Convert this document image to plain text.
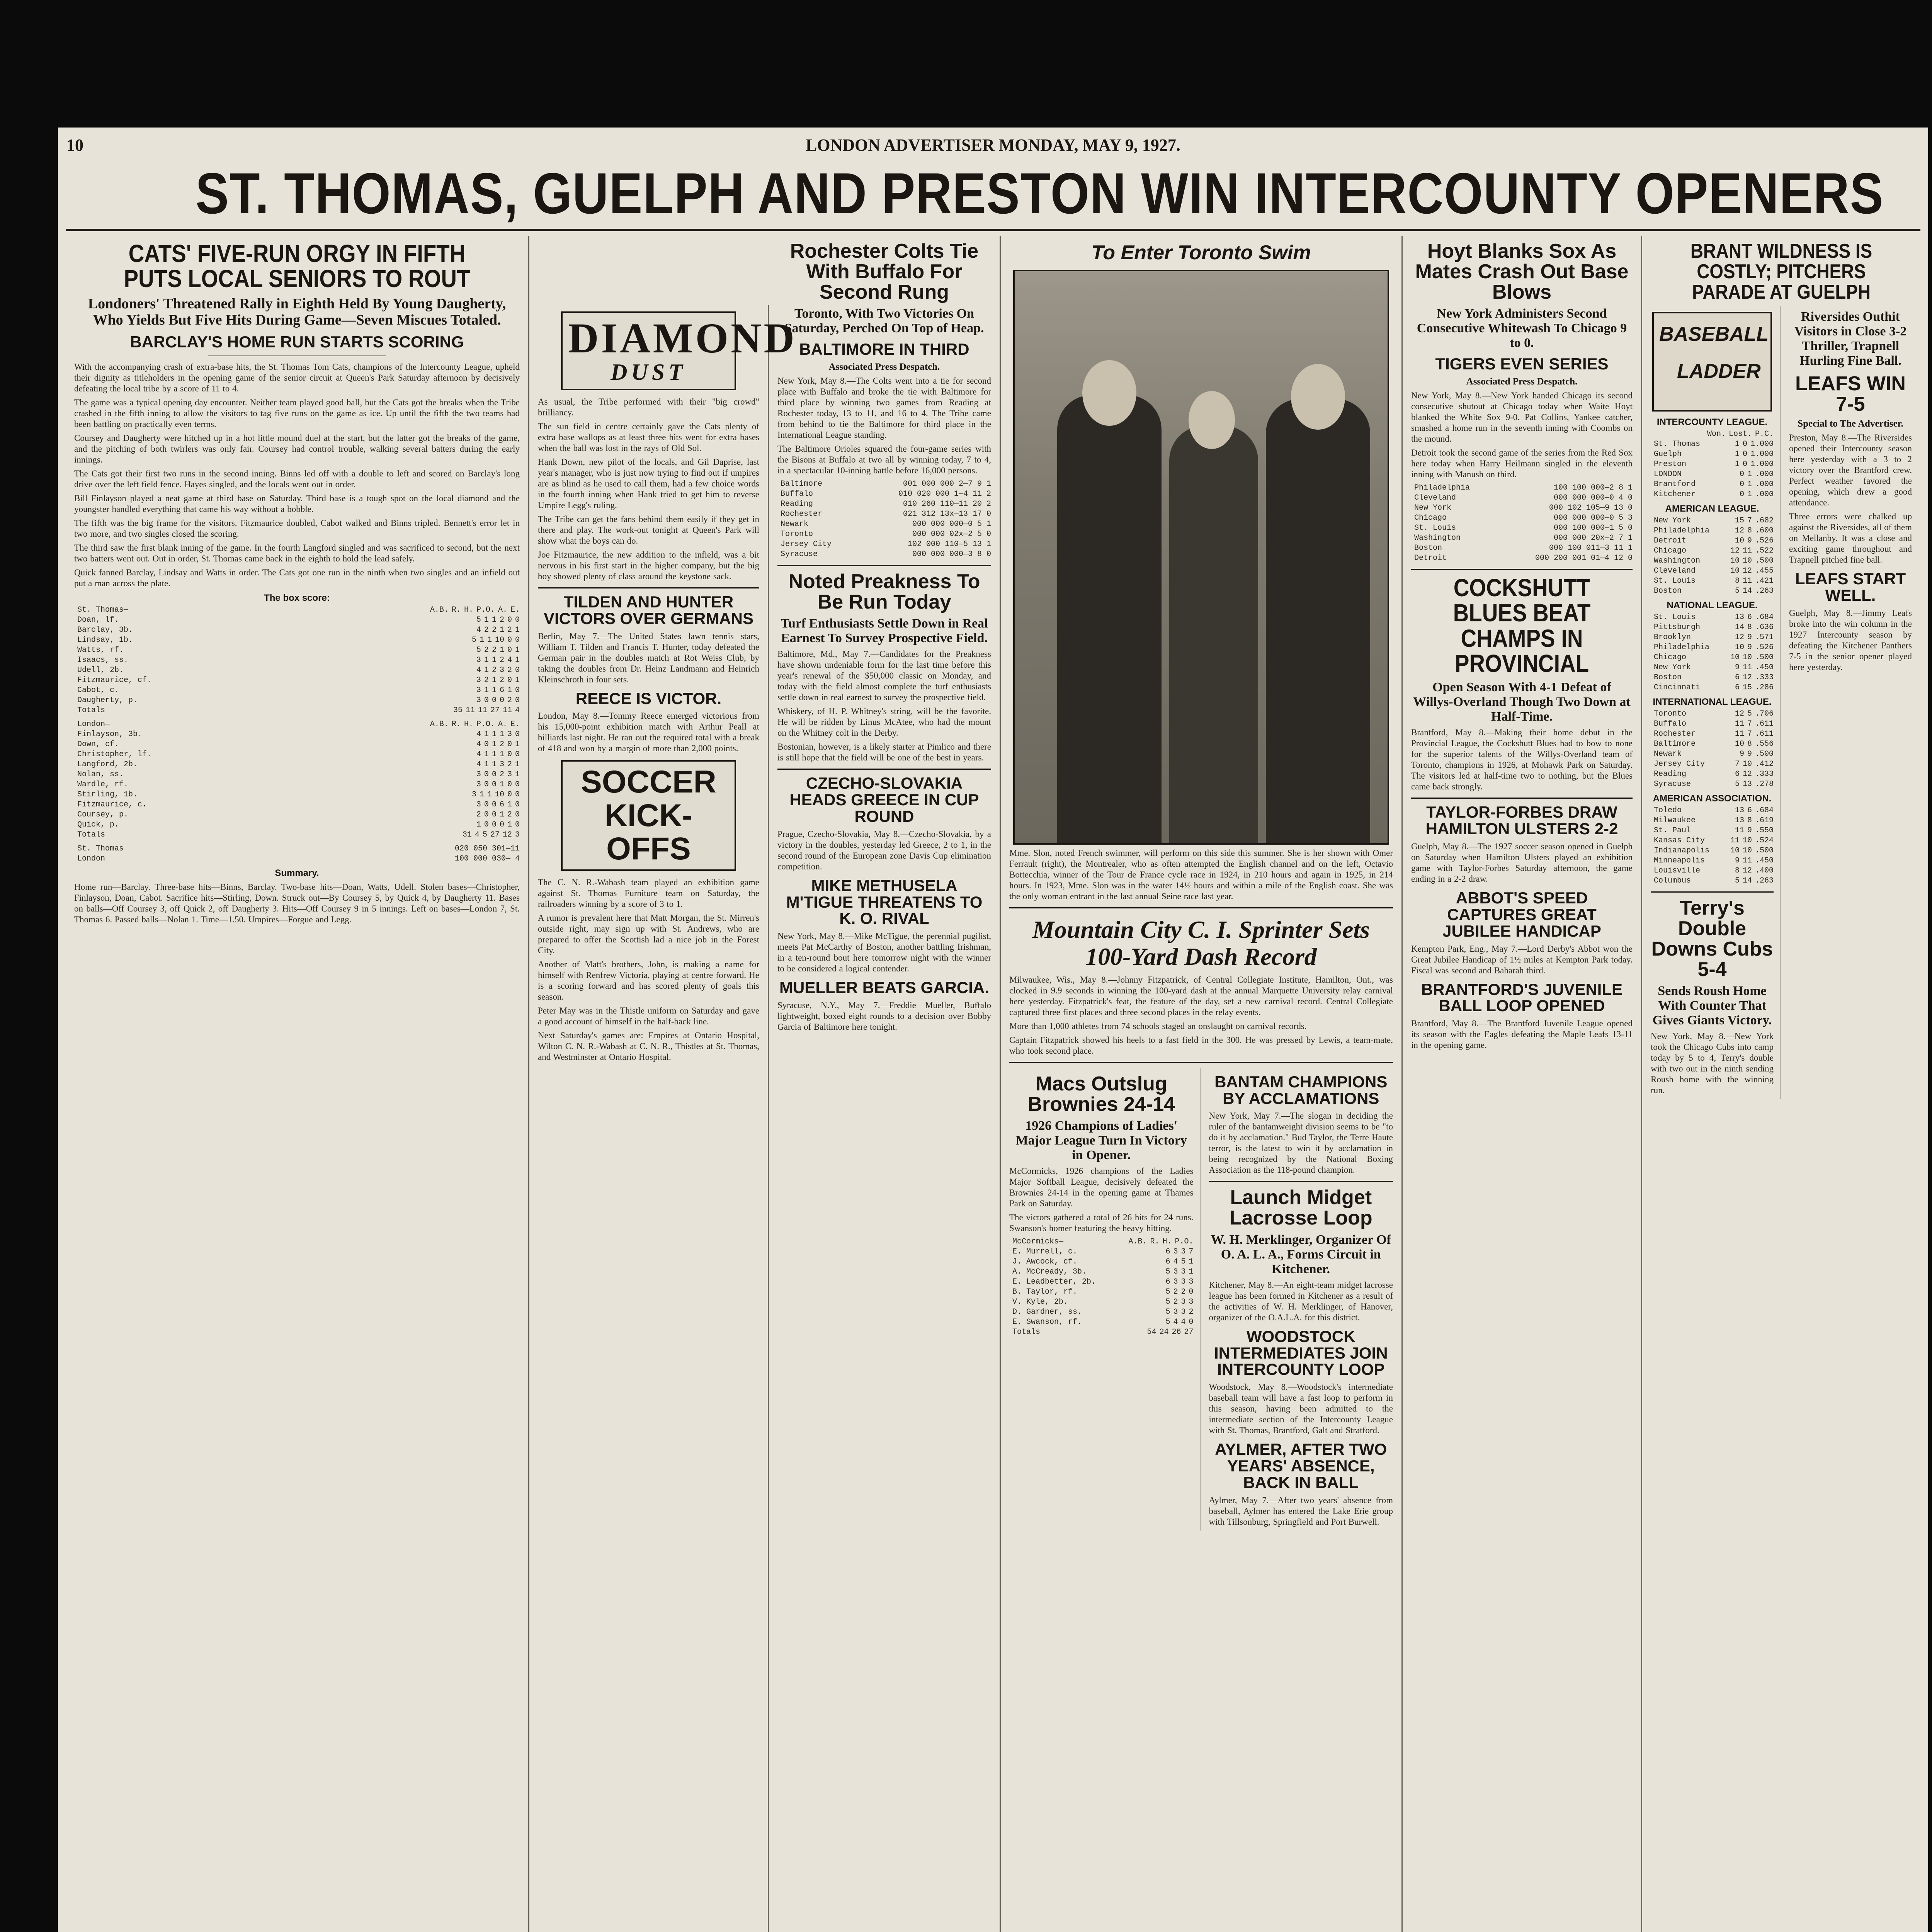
10	LONDON ADVERTISER MONDAY, MAY 9, 1927.
ST. THOMAS, GUELPH AND PRESTON WIN INTERCOUNTY OPENERS
CATS' FIVE-RUN ORGY IN FIFTH PUTS LOCAL SENIORS TO ROUT
Londoners' Threatened Rally in Eighth Held By Young Daugherty, Who Yields But Five Hits During Game—Seven Miscues Totaled.
BARCLAY'S HOME RUN STARTS SCORING

With the accompanying crash of extra-base hits, the St. Thomas Tom Cats, champions of the Intercounty League, upheld their dignity as titleholders in the opening game of the senior circuit at Queen's Park Saturday afternoon by decisively defeating the local tribe by a score of 11 to 4.

The game was a typical opening day encounter. Neither team played good ball, but the Cats got the breaks when the Tribe crashed in the fifth inning to allow the visitors to tag five runs on the game as ice. Up until the fifth the two teams had been battling on practically even terms.

Coursey and Daugherty were hitched up in a hot little mound duel at the start, but the latter got the breaks of the game, and the pitching of both twirlers was only fair. Coursey had control trouble, walking several batters during the early innings.

The Cats got their first two runs in the second inning. Binns led off with a double to left and scored on Barclay's long drive over the left field fence. Hayes singled, and the locals went out in order.

Bill Finlayson played a neat game at third base on Saturday. Third base is a tough spot on the local diamond and the youngster handled everything that came his way without a bobble.

The fifth was the big frame for the visitors. Fitzmaurice doubled, Cabot walked and Binns tripled. Bennett's error let in two more, and two singles closed the scoring.

The third saw the first blank inning of the game. In the fourth Langford singled and was sacrificed to second, but the next two batters went out. Out in order, St. Thomas came back in the eighth to hold the lead safely.

Quick fanned Barclay, Lindsay and Watts in order. The Cats got one run in the ninth when two singles and an infield out put a man across the plate.

The box score:
St. Thomas—	A.B. R. H. P.O. A. E.
Doan, lf.	5 1 1 2 0 0
Barclay, 3b.	4 2 2 1 2 1
Lindsay, 1b.	5 1 1 10 0 0
Watts, rf.	5 2 2 1 0 1
Isaacs, ss.	3 1 1 2 4 1
Udell, 2b.	4 1 2 3 2 0
Fitzmaurice, cf.	3 2 1 2 0 1
Cabot, c.	3 1 1 6 1 0
Daugherty, p.	3 0 0 0 2 0
Totals	35 11 11 27 11 4
London—	A.B. R. H. P.O. A. E.
Finlayson, 3b.	4 1 1 1 3 0
Down, cf.	4 0 1 2 0 1
Christopher, lf.	4 1 1 1 0 0
Langford, 2b.	4 1 1 3 2 1
Nolan, ss.	3 0 0 2 3 1
Wardle, rf.	3 0 0 1 0 0
Stirling, 1b.	3 1 1 10 0 0
Fitzmaurice, c.	3 0 0 6 1 0
Coursey, p.	2 0 0 1 2 0
Quick, p.	1 0 0 0 1 0
Totals	31 4 5 27 12 3
St. Thomas	020 050 301—11
London	100 000 030— 4
Summary.

Home run—Barclay. Three-base hits—Binns, Barclay. Two-base hits—Doan, Watts, Udell. Stolen bases—Christopher, Finlayson, Doan, Cabot. Sacrifice hits—Stirling, Down. Struck out—By Coursey 5, by Quick 4, by Daugherty 11. Bases on balls—Off Coursey 3, off Quick 2, off Daugherty 3. Hits—Off Coursey 9 in 5 innings. Left on bases—London 7, St. Thomas 6. Passed balls—Nolan 1. Time—1.50. Umpires—Forgue and Legg.

DIAMOND
DUST

As usual, the Tribe performed with their "big crowd" brilliancy.

The sun field in centre certainly gave the Cats plenty of extra base wallops as at least three hits went for extra bases when the ball was lost in the rays of Old Sol.

Hank Down, new pilot of the locals, and Gil Daprise, last year's manager, who is just now trying to find out if umpires are as blind as he used to call them, had a few choice words in the fourth inning when Hank tried to get him to reverse Umpire Legg's ruling.

The Tribe can get the fans behind them easily if they get in there and play. The work-out tonight at Queen's Park will show what the boys can do.

Joe Fitzmaurice, the new addition to the infield, was a bit nervous in his first start in the higher company, but the big boy showed plenty of class around the keystone sack.

TILDEN AND HUNTER VICTORS OVER GERMANS

Berlin, May 7.—The United States lawn tennis stars, William T. Tilden and Francis T. Hunter, today defeated the German pair in the doubles match at Rot Weiss Club, by taking the doubles from Dr. Heinz Landmann and Heinrich Kleinschroth in four sets.

REECE IS VICTOR.

London, May 8.—Tommy Reece emerged victorious from his 15,000-point exhibition match with Arthur Peall at billiards last night. He ran out the required total with a break of 418 and won by a margin of more than 2,000 points.

SOCCER KICK-OFFS

The C. N. R.-Wabash team played an exhibition game against St. Thomas Furniture team on Saturday, the railroaders winning by a score of 3 to 1.

A rumor is prevalent here that Matt Morgan, the St. Mirren's outside right, may sign up with St. Andrews, who are prepared to offer the Scottish lad a nice job in the Forest City.

Another of Matt's brothers, John, is making a name for himself with Renfrew Victoria, playing at centre forward. He is a scoring forward and has scored plenty of goals this season.

Peter May was in the Thistle uniform on Saturday and gave a good account of himself in the half-back line.

Next Saturday's games are: Empires at Ontario Hospital, Wilton C. N. R.-Wabash at C. N. R., Thistles at St. Thomas, and Westminster at Ontario Hospital.

Rochester Colts Tie With Buffalo For Second Rung
Toronto, With Two Victories On Saturday, Perched On Top of Heap.
BALTIMORE IN THIRD
Associated Press Despatch.

New York, May 8.—The Colts went into a tie for second place with Buffalo and broke the tie with Baltimore for third place by winning two games from Reading at Rochester today, 13 to 11, and 16 to 4. The Tribe came from behind to tie the Baltimore for third place in the International League standing.

The Baltimore Orioles squared the four-game series with the Bisons at Buffalo at two all by winning today, 7 to 4, in a spectacular 10-inning battle before 16,000 persons.

Baltimore	001 000 000 2—7 9 1
Buffalo	010 020 000 1—4 11 2
Reading	010 260 110—11 20 2
Rochester	021 312 13x—13 17 0
Newark	000 000 000—0 5 1
Toronto	000 000 02x—2 5 0
Jersey City	102 000 110—5 13 1
Syracuse	000 000 000—3 8 0
Noted Preakness To Be Run Today
Turf Enthusiasts Settle Down in Real Earnest To Survey Prospective Field.

Baltimore, Md., May 7.—Candidates for the Preakness have shown undeniable form for the last time before this year's renewal of the $50,000 classic on Monday, and today with the field almost complete the turf enthusiasts settle down in real earnest to survey the prospective field.

Whiskery, of H. P. Whitney's string, will be the favorite. He will be ridden by Linus McAtee, who had the mount on the Whitney colt in the Derby.

Bostonian, however, is a likely starter at Pimlico and there is still hope that the field will be one of the best in years.

CZECHO-SLOVAKIA HEADS GREECE IN CUP ROUND

Prague, Czecho-Slovakia, May 8.—Czecho-Slovakia, by a victory in the doubles, yesterday led Greece, 2 to 1, in the second round of the European zone Davis Cup elimination competition.

MIKE METHUSELA M'TIGUE THREATENS TO K. O. RIVAL

New York, May 8.—Mike McTigue, the perennial pugilist, meets Pat McCarthy of Boston, another battling Irishman, in a ten-round bout here tomorrow night with the winner to be considered a logical contender.

MUELLER BEATS GARCIA.

Syracuse, N.Y., May 7.—Freddie Mueller, Buffalo lightweight, boxed eight rounds to a decision over Bobby Garcia of Baltimore here tonight.

To Enter Toronto Swim

Mme. Slon, noted French swimmer, will perform on this side this summer. She is her shown with Omer Ferrault (right), the Montrealer, who as often attempted the English channel and on the left, Octavio Bottecchia, winner of the Tour de France cycle race in 1924, in 210 hours and again in 1925, in 214 hours. In 1923, Mme. Slon was in the water 14½ hours and within a mile of the English coast. She was the only woman entrant in the last annual Seine race last year.

Mountain City C. I. Sprinter Sets 100-Yard Dash Record

Milwaukee, Wis., May 8.—Johnny Fitzpatrick, of Central Collegiate Institute, Hamilton, Ont., was clocked in 9.9 seconds in winning the 100-yard dash at the annual Marquette University relay carnival here yesterday. Fitzpatrick's feat, the feature of the day, set a new carnival record. Central Collegiate captured three first places and three second places in the relay events.

More than 1,000 athletes from 74 schools staged an onslaught on carnival records.

Captain Fitzpatrick showed his heels to a fast field in the 300. He was pressed by Lewis, a team-mate, who took second place.

Macs Outslug Brownies 24-14
1926 Champions of Ladies' Major League Turn In Victory in Opener.

McCormicks, 1926 champions of the Ladies Major Softball League, decisively defeated the Brownies 24-14 in the opening game at Thames Park on Saturday.

The victors gathered a total of 26 hits for 24 runs. Swanson's homer featuring the heavy hitting.

McCormicks—	A.B. R. H. P.O.
E. Murrell, c.	6 3 3 7
J. Awcock, cf.	6 4 5 1
A. McCready, 3b.	5 3 3 1
E. Leadbetter, 2b.	6 3 3 3
B. Taylor, rf.	5 2 2 0
V. Kyle, 2b.	5 2 3 3
D. Gardner, ss.	5 3 3 2
E. Swanson, rf.	5 4 4 0
Totals	54 24 26 27
BANTAM CHAMPIONS BY ACCLAMATIONS

New York, May 7.—The slogan in deciding the ruler of the bantamweight division seems to be "to do it by acclamation." Bud Taylor, the Terre Haute terror, is the latest to win it by acclamation in being recognized by the National Boxing Association as the 118-pound champion.

Launch Midget Lacrosse Loop
W. H. Merklinger, Organizer Of O. A. L. A., Forms Circuit in Kitchener.

Kitchener, May 8.—An eight-team midget lacrosse league has been formed in Kitchener as a result of the activities of W. H. Merklinger, of Hanover, organizer of the O.A.L.A. for this district.

WOODSTOCK INTERMEDIATES JOIN INTERCOUNTY LOOP

Woodstock, May 8.—Woodstock's intermediate baseball team will have a fast loop to perform in this season, having been admitted to the intermediate section of the Intercounty League with St. Thomas, Brantford, Galt and Stratford.

AYLMER, AFTER TWO YEARS' ABSENCE, BACK IN BALL

Aylmer, May 7.—After two years' absence from baseball, Aylmer has entered the Lake Erie group with Tillsonburg, Springfield and Port Burwell.

Hoyt Blanks Sox As Mates Crash Out Base Blows
New York Administers Second Consecutive Whitewash To Chicago 9 to 0.
TIGERS EVEN SERIES
Associated Press Despatch.

New York, May 8.—New York handed Chicago its second consecutive shutout at Chicago today when Waite Hoyt blanked the White Sox 9-0. Pat Collins, Yankee catcher, smashed a home run in the seventh inning with Coombs on the mound.

Detroit took the second game of the series from the Red Sox here today when Harry Heilmann singled in the eleventh inning with Manush on third.

Philadelphia	100 100 000—2 8 1
Cleveland	000 000 000—0 4 0
New York	000 102 105—9 13 0
Chicago	000 000 000—0 5 3
St. Louis	000 100 000—1 5 0
Washington	000 000 20x—2 7 1
Boston	000 100 011—3 11 1
Detroit	000 200 001 01—4 12 0
COCKSHUTT BLUES BEAT CHAMPS IN PROVINCIAL
Open Season With 4-1 Defeat of Willys-Overland Though Two Down at Half-Time.

Brantford, May 8.—Making their home debut in the Provincial League, the Cockshutt Blues had to bow to none for the superior talents of the Willys-Overland team of Toronto, champions in 1926, at Mohawk Park on Saturday. The visitors led at half-time two to nothing, but the Blues came back strongly.

TAYLOR-FORBES DRAW HAMILTON ULSTERS 2-2

Guelph, May 8.—The 1927 soccer season opened in Guelph on Saturday when Hamilton Ulsters played an exhibition game with Taylor-Forbes Saturday afternoon, the game ending in a 2-2 draw.

ABBOT'S SPEED CAPTURES GREAT JUBILEE HANDICAP

Kempton Park, Eng., May 7.—Lord Derby's Abbot won the Great Jubilee Handicap of 1½ miles at Kempton Park today. Fiscal was second and Baharah third.

BRANTFORD'S JUVENILE BALL LOOP OPENED

Brantford, May 8.—The Brantford Juvenile League opened its season with the Eagles defeating the Maple Leafs 13-11 in the opening game.

BRANT WILDNESS IS COSTLY; PITCHERS PARADE AT GUELPH
BASEBALL
LADDER
INTERCOUNTY LEAGUE.
Won. Lost. P.C.
St. Thomas	1 0 1.000
Guelph	1 0 1.000
Preston	1 0 1.000
LONDON	0 1 .000
Brantford	0 1 .000
Kitchener	0 1 .000
AMERICAN LEAGUE.
New York	15 7 .682
Philadelphia	12 8 .600
Detroit	10 9 .526
Chicago	12 11 .522
Washington	10 10 .500
Cleveland	10 12 .455
St. Louis	8 11 .421
Boston	5 14 .263
NATIONAL LEAGUE.
St. Louis	13 6 .684
Pittsburgh	14 8 .636
Brooklyn	12 9 .571
Philadelphia	10 9 .526
Chicago	10 10 .500
New York	9 11 .450
Boston	6 12 .333
Cincinnati	6 15 .286
INTERNATIONAL LEAGUE.
Toronto	12 5 .706
Buffalo	11 7 .611
Rochester	11 7 .611
Baltimore	10 8 .556
Newark	9 9 .500
Jersey City	7 10 .412
Reading	6 12 .333
Syracuse	5 13 .278
AMERICAN ASSOCIATION.
Toledo	13 6 .684
Milwaukee	13 8 .619
St. Paul	11 9 .550
Kansas City	11 10 .524
Indianapolis	10 10 .500
Minneapolis	9 11 .450
Louisville	8 12 .400
Columbus	5 14 .263
Terry's Double Downs Cubs 5-4
Sends Roush Home With Counter That Gives Giants Victory.

New York, May 8.—New York took the Chicago Cubs into camp today by 5 to 4, Terry's double with two out in the ninth sending Roush home with the winning run.

Riversides Outhit Visitors in Close 3-2 Thriller, Trapnell Hurling Fine Ball.
LEAFS WIN 7-5
Special to The Advertiser.

Preston, May 8.—The Riversides opened their Intercounty season here yesterday with a 3 to 2 victory over the Brantford crew. Perfect weather favored the opening, which drew a good attendance.

Three errors were chalked up against the Riversides, all of them on Mellanby. It was a close and exciting game throughout and Trapnell pitched fine ball.

LEAFS START WELL.

Guelph, May 8.—Jimmy Leafs broke into the win column in the 1927 Intercounty season by defeating the Kitchener Panthers 7-5 in the senior opener played here yesterday.
